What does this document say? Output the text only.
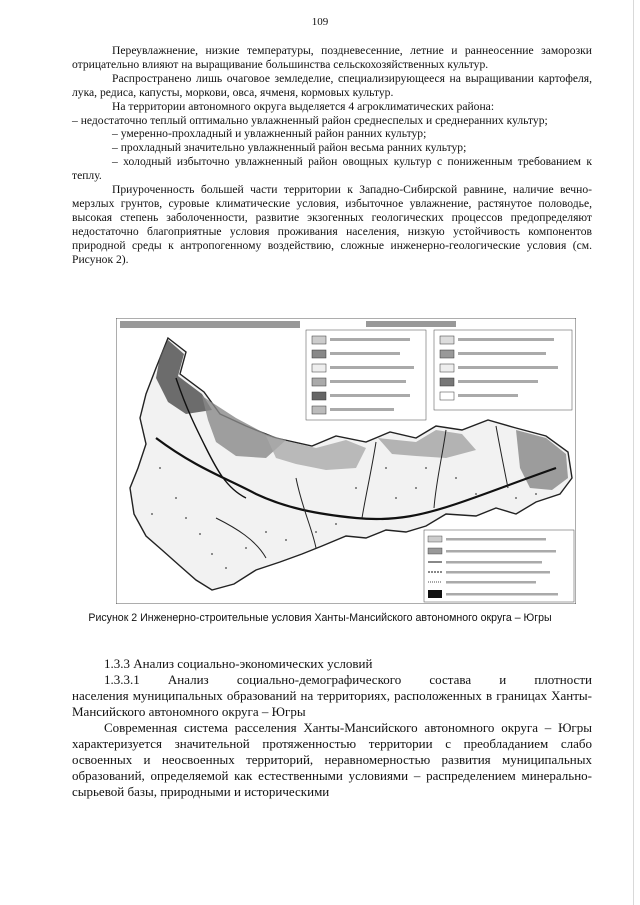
109

Переувлажнение, низкие температуры, поздневесенние, летние и раннеосенние заморозки отрицательно влияют на выращивание большинства сельскохозяйственных культур.

Распространено лишь очаговое земледелие, специализирующееся на выращивании картофеля, лука, редиса, капусты, моркови, овса, ячменя, кормовых культур.

На территории автономного округа выделяется 4 агроклиматических района:

– недостаточно теплый оптимально увлажненный район среднеспелых и среднеранних культур;

– умеренно-прохладный и увлажненный район ранних культур;

– прохладный значительно увлажненный район весьма ранних культур;

– холодный избыточно увлажненный район овощных культур с пониженным требованием к теплу.

Приуроченность большей части территории к Западно-Сибирской равнине, наличие вечно-мерзлых грунтов, суровые климатические условия, избыточное увлажнение, растянутое половодье, высокая степень заболоченности, развитие экзогенных геологических процессов предопределяют недостаточно благоприятные условия проживания населения, низкую устойчивость компонентов природной среды к антропогенному воздействию, сложные инженерно-геологические условия (см. Рисунок 2).

Рисунок 2 Инженерно-строительные условия Ханты-Мансийского автономного округа – Югры
1.3.3 Анализ социально-экономических условий
1.3.3.1 Анализ социально-демографического состава и плотности

населения муниципальных образований на территориях, расположенных в границах Ханты-Мансийского автономного округа – Югры

Современная система расселения Ханты-Мансийского автономного округа – Югры характеризуется значительной протяженностью территории с преобладанием слабо освоенных и неосвоенных территорий, неравномерностью развития муниципальных образований, определяемой как естественными условиями – распределением минерально-сырьевой базы, природными и историческими
